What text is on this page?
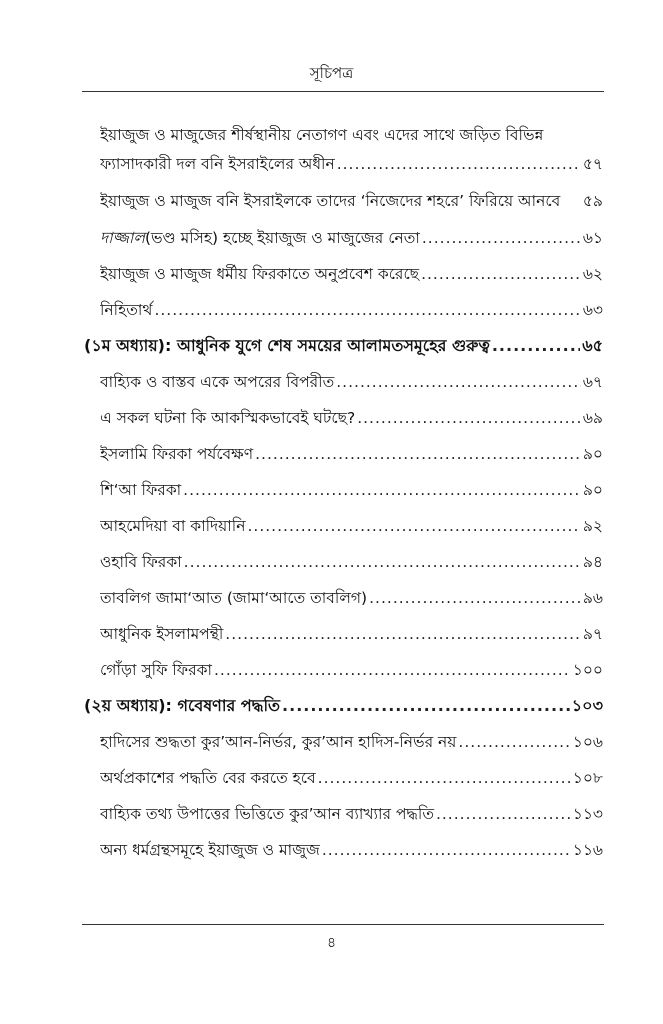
সূচিপত্র
ইয়াজুজ ও মাজুজের শীর্ষস্থানীয় নেতাগণ এবং এদের সাথে জড়িত বিভিন্ন
ফ্যাসাদকারী দল বনি ইসরাইলের অধীন .....	৫৭
ইয়াজুজ ও মাজুজ বনি ইসরাইলকে তাদের ‘নিজেদের শহরে’ ফিরিয়ে আনবে ৫৯
দাজ্জাল (ভণ্ড মসিহ) হচ্ছে ইয়াজুজ ও মাজুজের নেতা .....	৬১
ইয়াজুজ ও মাজুজ ধর্মীয় ফিরকাতে অনুপ্রবেশ করেছে .....	৬২
নিহিতার্থ .....	৬৩
(১ম অধ্যায়): আধুনিক যুগে শেষ সময়ের আলামতসমূহের গুরুত্ব .....	৬৫
বাহ্যিক ও বাস্তব একে অপরের বিপরীত .....	৬৭
এ সকল ঘটনা কি আকস্মিকভাবেই ঘটছে? .....	৬৯
ইসলামি ফিরকা পর্যবেক্ষণ .....	৯০
শি‘আ ফিরকা .....	৯০
আহমেদিয়া বা কাদিয়ানি .....	৯২
ওহাবি ফিরকা .....	৯৪
তাবলিগ জামা‘আত (জামা‘আতে তাবলিগ) .....	৯৬
আধুনিক ইসলামপন্থী .....	৯৭
গোঁড়া সুফি ফিরকা .....	১০০
(২য় অধ্যায়): গবেষণার পদ্ধতি .....	১০৩
হাদিসের শুদ্ধতা কুর’আন-নির্ভর, কুর’আন হাদিস-নির্ভর নয় .....	১০৬
অর্থপ্রকাশের পদ্ধতি বের করতে হবে .....	১০৮
বাহ্যিক তথ্য উপাত্তের ভিত্তিতে কুর’আন ব্যাখ্যার পদ্ধতি .....	১১৩
অন্য ধর্মগ্রন্থসমূহে ইয়াজুজ ও মাজুজ .....	১১৬
৪
